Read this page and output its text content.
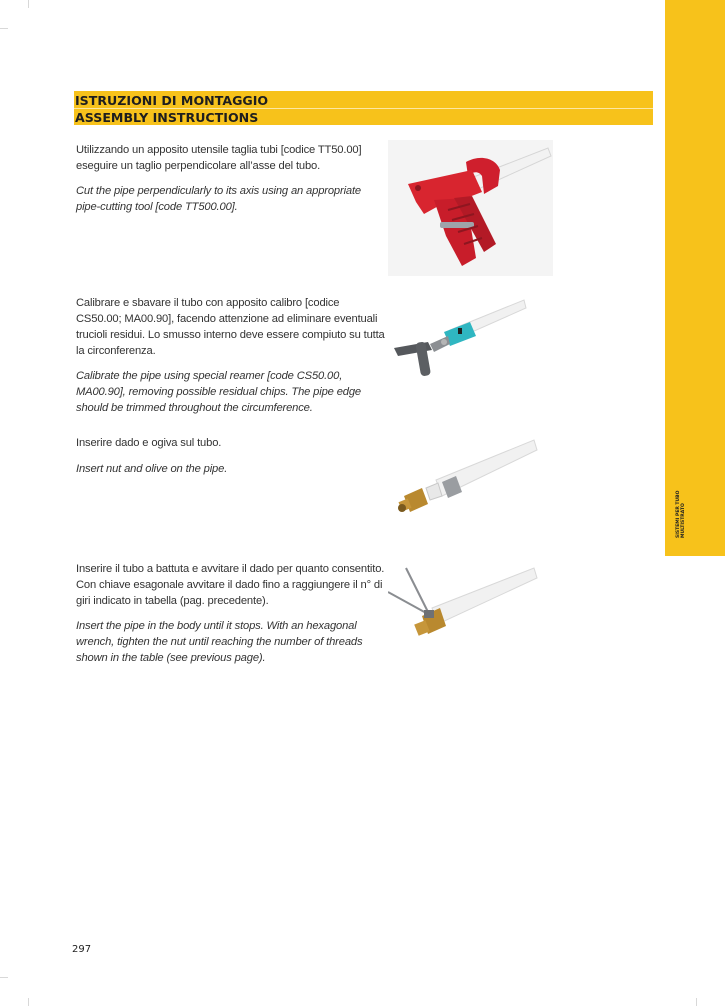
SISTEMI PER TUBO MULTISTRATO
ISTRUZIONI DI MONTAGGIO
ASSEMBLY INSTRUCTIONS
Utilizzando un apposito utensile taglia tubi [codice TT50.00] eseguire un taglio perpendicolare all’asse del tubo.
Cut the pipe perpendicularly to its axis using an appropriate pipe-cutting tool [code TT500.00].
Calibrare e sbavare il tubo con apposito calibro [codice CS50.00; MA00.90], facendo attenzione ad eliminare eventuali trucioli residui. Lo smusso interno deve essere compiuto su tutta la circonferenza.
Calibrate the pipe using special reamer [code CS50.00, MA00.90], removing possible residual chips. The pipe edge should be trimmed throughout the circumference.
Inserire dado e ogiva sul tubo.
Insert nut and olive on the pipe.
Inserire il tubo a battuta e avvitare il dado per quanto consentito. Con chiave esagonale avvitare il dado fino a raggiungere il n° di giri indicato in tabella (pag. precedente).
Insert the pipe in the body until it stops. With an hexagonal wrench, tighten the nut until reaching the number of threads shown in the table (see previous page).
297
